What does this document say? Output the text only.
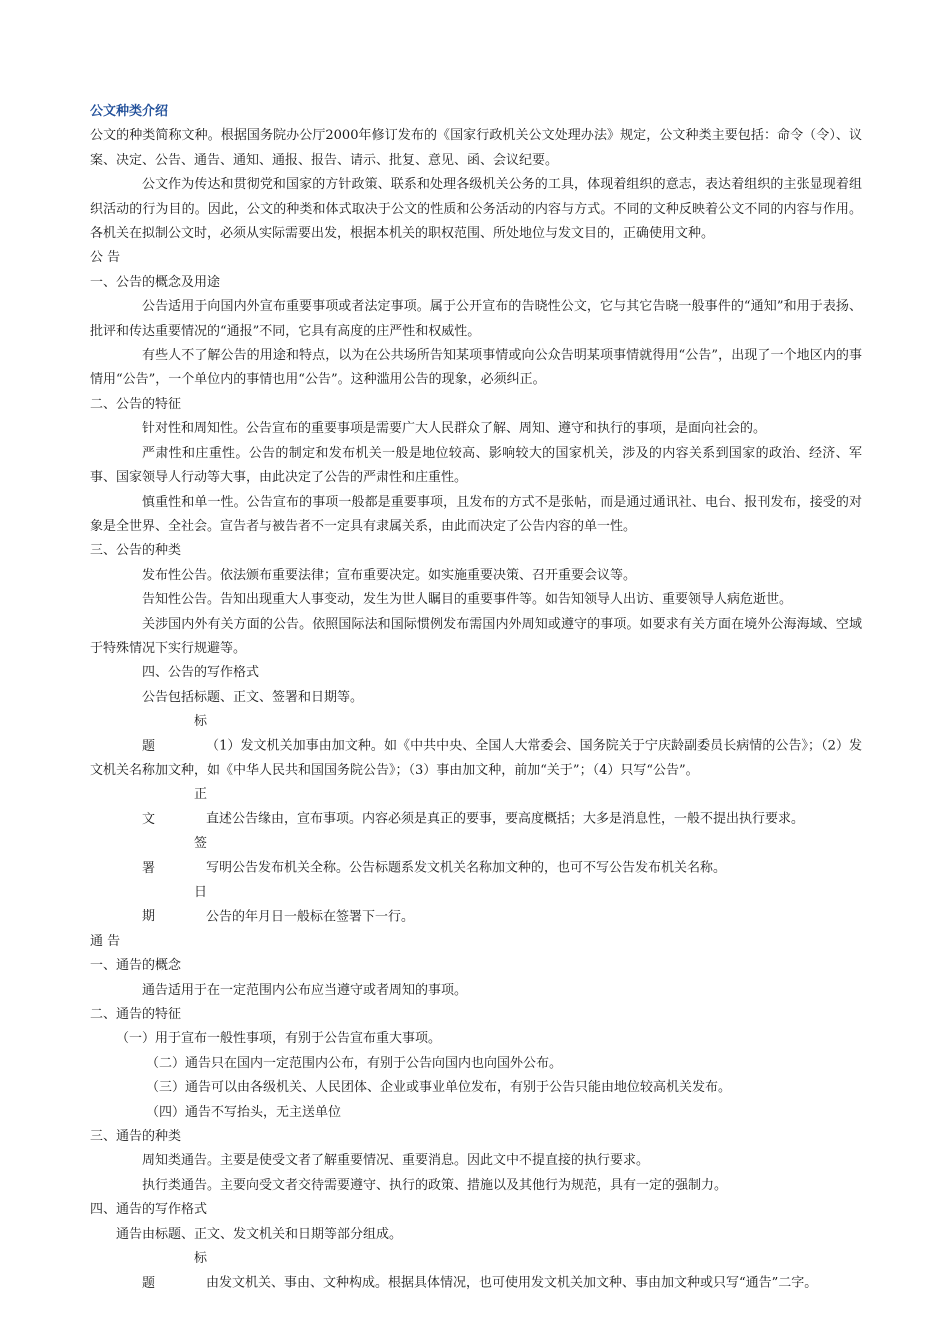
公文种类介绍

公文的种类简称文种。根据国务院办公厅2000年修订发布的《国家行政机关公文处理办法》规定，公文种类主要包括：命令（令）、议案、决定、公告、通告、通知、通报、报告、请示、批复、意见、函、会议纪要。

公文作为传达和贯彻党和国家的方针政策、联系和处理各级机关公务的工具，体现着组织的意志，表达着组织的主张显现着组织活动的行为目的。因此，公文的种类和体式取决于公文的性质和公务活动的内容与方式。不同的文种反映着公文不同的内容与作用。各机关在拟制公文时，必须从实际需要出发，根据本机关的职权范围、所处地位与发文目的，正确使用文种。

公 告

一、公告的概念及用途

公告适用于向国内外宣布重要事项或者法定事项。属于公开宣布的告晓性公文，它与其它告晓一般事件的“通知”和用于表扬、批评和传达重要情况的“通报”不同，它具有高度的庄严性和权威性。

有些人不了解公告的用途和特点，以为在公共场所告知某项事情或向公众告明某项事情就得用“公告”，出现了一个地区内的事情用“公告”，一个单位内的事情也用“公告”。这种滥用公告的现象，必须纠正。

二、公告的特征

针对性和周知性。公告宣布的重要事项是需要广大人民群众了解、周知、遵守和执行的事项，是面向社会的。

严肃性和庄重性。公告的制定和发布机关一般是地位较高、影响较大的国家机关，涉及的内容关系到国家的政治、经济、军事、国家领导人行动等大事，由此决定了公告的严肃性和庄重性。

慎重性和单一性。公告宣布的事项一般都是重要事项，且发布的方式不是张帖，而是通过通讯社、电台、报刊发布，接受的对象是全世界、全社会。宣告者与被告者不一定具有隶属关系，由此而决定了公告内容的单一性。

三、公告的种类

发布性公告。依法颁布重要法律；宣布重要决定。如实施重要决策、召开重要会议等。

告知性公告。告知出现重大人事变动，发生为世人瞩目的重要事件等。如告知领导人出访、重要领导人病危逝世。

关涉国内外有关方面的公告。依照国际法和国际惯例发布需国内外周知或遵守的事项。如要求有关方面在境外公海海域、空域于特殊情况下实行规避等。

四、公告的写作格式

公告包括标题、正文、签署和日期等。

标题	（1）发文机关加事由加文种。如《中共中央、全国人大常委会、国务院关于宁庆龄副委员长病情的公告》；（2）发文机关名称加文种，如《中华人民共和国国务院公告》；（3）事由加文种，前加“关于”；（4）只写“公告”。

正文	直述公告缘由，宣布事项。内容必须是真正的要事，要高度概括；大多是消息性，一般不提出执行要求。

签署	写明公告发布机关全称。公告标题系发文机关名称加文种的，也可不写公告发布机关名称。

日期	公告的年月日一般标在签署下一行。

通 告

一、通告的概念

通告适用于在一定范围内公布应当遵守或者周知的事项。

二、通告的特征

（一）用于宣布一般性事项，有别于公告宣布重大事项。

（二）通告只在国内一定范围内公布，有别于公告向国内也向国外公布。

（三）通告可以由各级机关、人民团体、企业或事业单位发布，有别于公告只能由地位较高机关发布。

（四）通告不写抬头，无主送单位

三、通告的种类

周知类通告。主要是使受文者了解重要情况、重要消息。因此文中不提直接的执行要求。

执行类通告。主要向受文者交待需要遵守、执行的政策、措施以及其他行为规范，具有一定的强制力。

四、通告的写作格式

通告由标题、正文、发文机关和日期等部分组成。

标题	由发文机关、事由、文种构成。根据具体情况，也可使用发文机关加文种、事由加文种或只写“通告”二字。
